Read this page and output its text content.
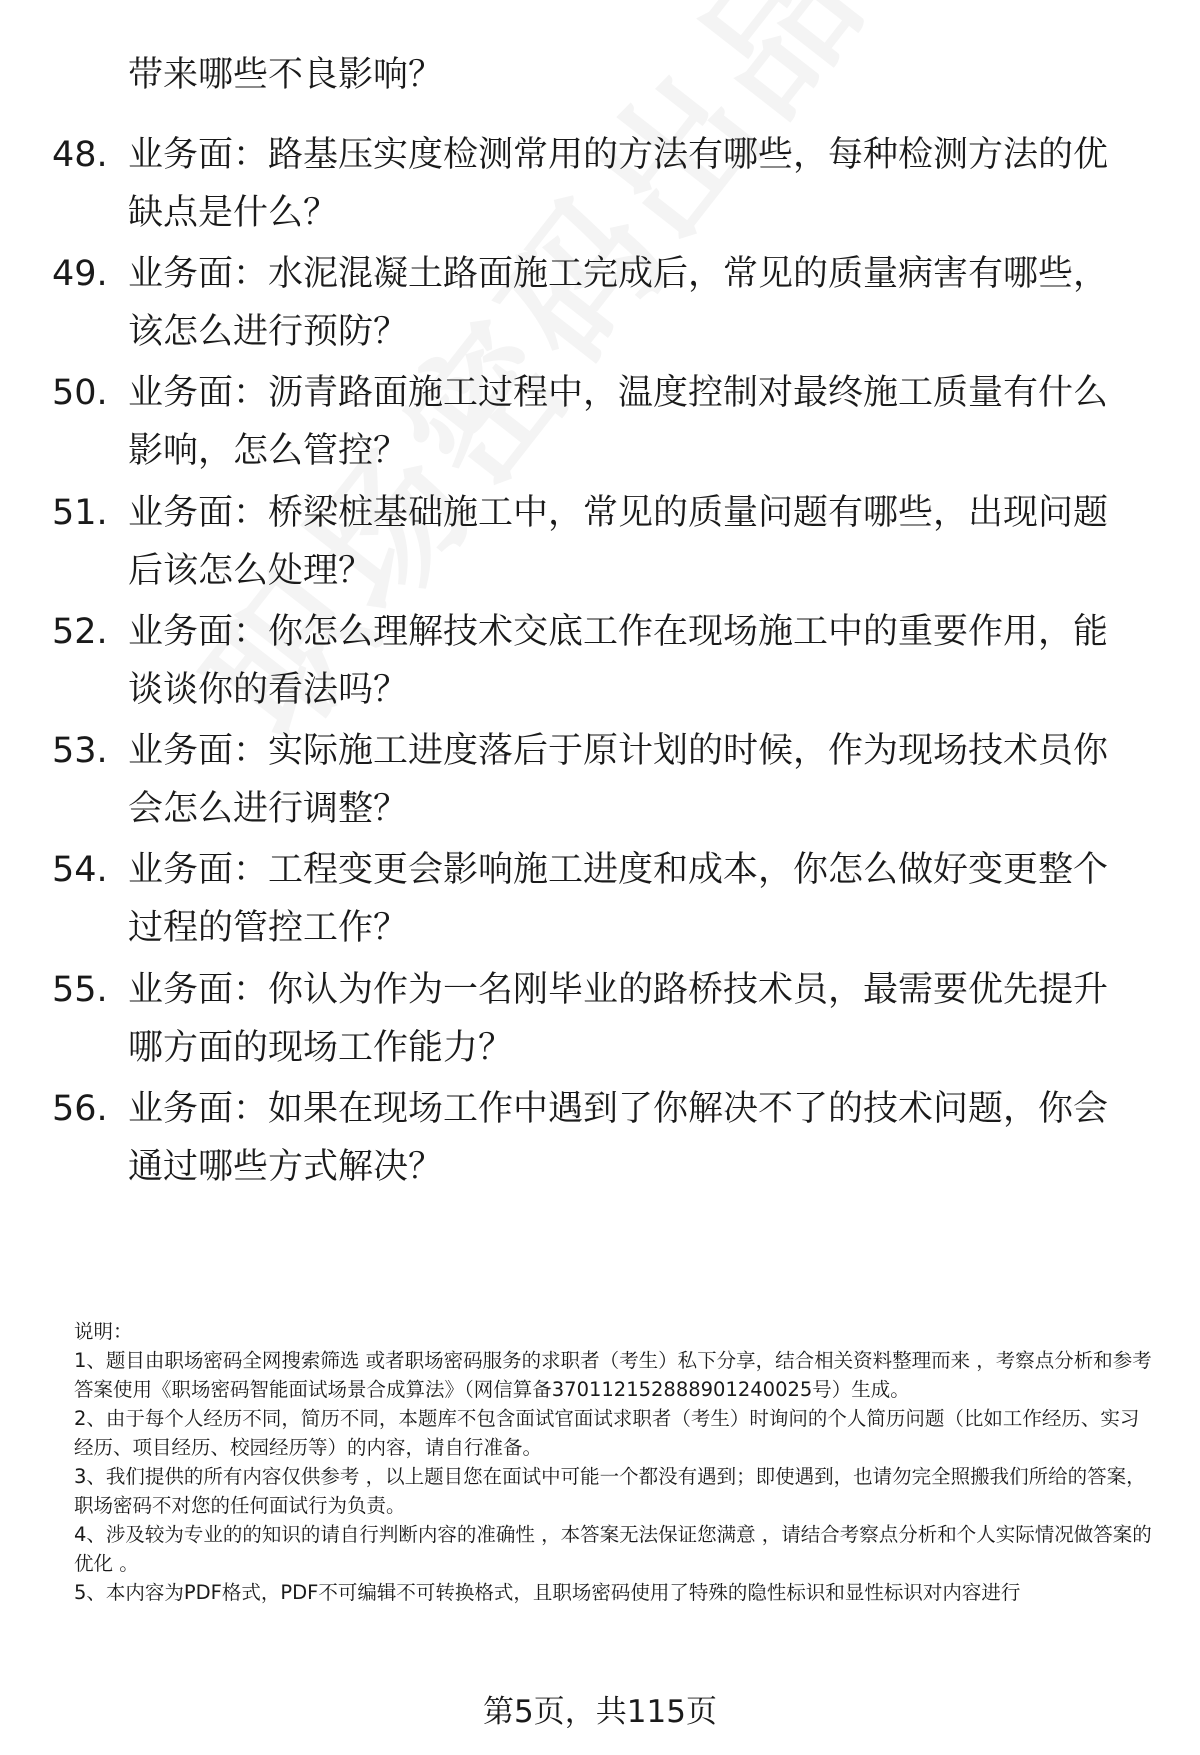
带来哪些不良影响？
48. 业务面：路基压实度检测常用的方法有哪些，每种检测方法的优缺点是什么？
49. 业务面：水泥混凝土路面施工完成后，常见的质量病害有哪些，该怎么进行预防？
50. 业务面：沥青路面施工过程中，温度控制对最终施工质量有什么影响，怎么管控？
51. 业务面：桥梁桩基础施工中，常见的质量问题有哪些，出现问题后该怎么处理？
52. 业务面：你怎么理解技术交底工作在现场施工中的重要作用，能谈谈你的看法吗？
53. 业务面：实际施工进度落后于原计划的时候，作为现场技术员你会怎么进行调整？
54. 业务面：工程变更会影响施工进度和成本，你怎么做好变更整个过程的管控工作？
55. 业务面：你认为作为一名刚毕业的路桥技术员，最需要优先提升哪方面的现场工作能力？
56. 业务面：如果在现场工作中遇到了你解决不了的技术问题，你会通过哪些方式解决？

说明：

1、题目由职场密码全网搜索筛选 或者职场密码服务的求职者（考生）私下分享，结合相关资料整理而来 ，考察点分析和参考答案使用《职场密码智能面试场景合成算法》（网信算备370112152888901240025号）生成。

2、由于每个人经历不同，简历不同，本题库不包含面试官面试求职者（考生）时询问的个人简历问题（比如工作经历、实习经历、项目经历、校园经历等）的内容，请自行准备。

3、我们提供的所有内容仅供参考 ，以上题目您在面试中可能一个都没有遇到；即使遇到，也请勿完全照搬我们所给的答案，职场密码不对您的任何面试行为负责。

4、涉及较为专业的的知识的请自行判断内容的准确性 ，本答案无法保证您满意 ，请结合考察点分析和个人实际情况做答案的优化 。

5、本内容为PDF格式，PDF不可编辑不可转换格式，且职场密码使用了特殊的隐性标识和显性标识对内容进行

第5页，共115页
